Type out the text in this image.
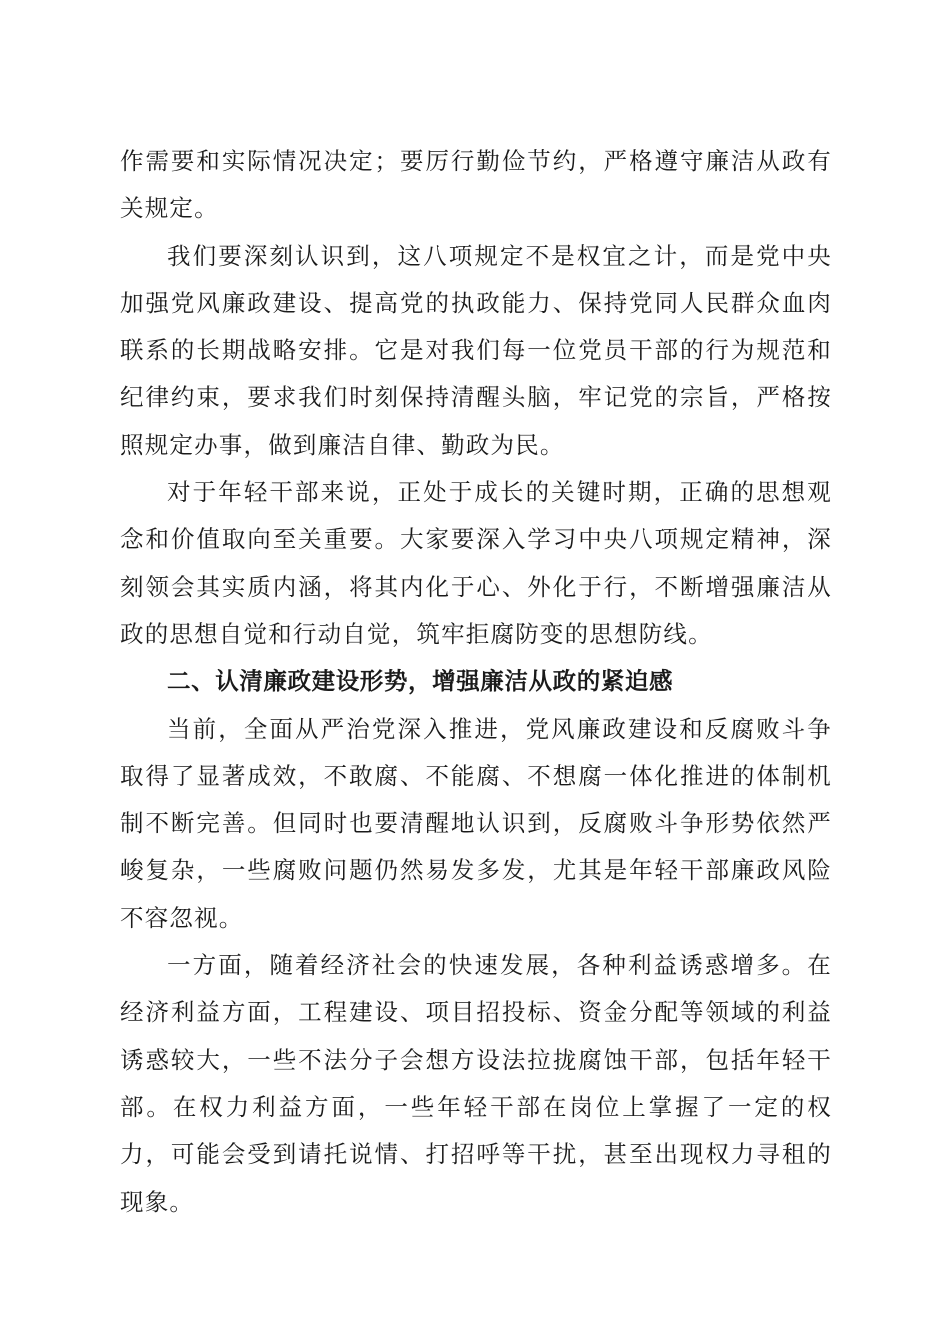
作需要和实际情况决定；要厉行勤俭节约，严格遵守廉洁从政有关规定。

我们要深刻认识到，这八项规定不是权宜之计，而是党中央加强党风廉政建设、提高党的执政能力、保持党同人民群众血肉联系的长期战略安排。它是对我们每一位党员干部的行为规范和纪律约束，要求我们时刻保持清醒头脑，牢记党的宗旨，严格按照规定办事，做到廉洁自律、勤政为民。

对于年轻干部来说，正处于成长的关键时期，正确的思想观念和价值取向至关重要。大家要深入学习中央八项规定精神，深刻领会其实质内涵，将其内化于心、外化于行，不断增强廉洁从政的思想自觉和行动自觉，筑牢拒腐防变的思想防线。

二、认清廉政建设形势，增强廉洁从政的紧迫感

当前，全面从严治党深入推进，党风廉政建设和反腐败斗争取得了显著成效，不敢腐、不能腐、不想腐一体化推进的体制机制不断完善。但同时也要清醒地认识到，反腐败斗争形势依然严峻复杂，一些腐败问题仍然易发多发，尤其是年轻干部廉政风险不容忽视。

一方面，随着经济社会的快速发展，各种利益诱惑增多。在经济利益方面，工程建设、项目招投标、资金分配等领域的利益诱惑较大，一些不法分子会想方设法拉拢腐蚀干部，包括年轻干部。在权力利益方面，一些年轻干部在岗位上掌握了一定的权力，可能会受到请托说情、打招呼等干扰，甚至出现权力寻租的现象。
